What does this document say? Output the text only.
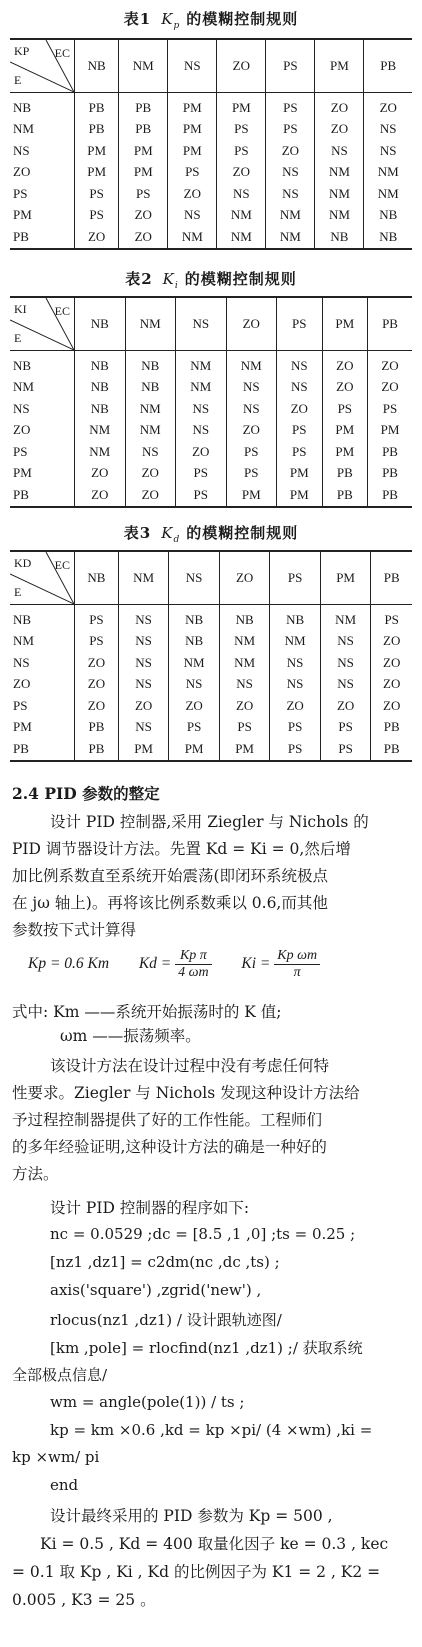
表1 $K_p$ 的模糊控制规则
KP EC
E	NB	NM	NS	ZO	PS	PM	PB
NB	PB	PB	PM	PM	PS	ZO	ZO
NM	PB	PB	PM	PS	PS	ZO	NS
NS	PM	PM	PM	PS	ZO	NS	NS
ZO	PM	PM	PS	ZO	NS	NM	NM
PS	PS	PS	ZO	NS	NS	NM	NM
PM	PS	ZO	NS	NM	NM	NM	NB
PB	ZO	ZO	NM	NM	NM	NB	NB
表2 $K_i$ 的模糊控制规则
KI EC
E	NB	NM	NS	ZO	PS	PM	PB
NB	NB	NB	NM	NM	NS	ZO	ZO
NM	NB	NB	NM	NS	NS	ZO	ZO
NS	NB	NM	NS	NS	ZO	PS	PS
ZO	NM	NM	NS	ZO	PS	PM	PM
PS	NM	NS	ZO	PS	PS	PM	PB
PM	ZO	ZO	PS	PS	PM	PB	PB
PB	ZO	ZO	PS	PM	PM	PB	PB
表3 $K_d$ 的模糊控制规则
KD EC
E	NB	NM	NS	ZO	PS	PM	PB
NB	PS	NS	NB	NB	NB	NM	PS
NM	PS	NS	NB	NM	NM	NS	ZO
NS	ZO	NS	NM	NM	NS	NS	ZO
ZO	ZO	NS	NS	NS	NS	NS	ZO
PS	ZO	ZO	ZO	ZO	ZO	ZO	ZO
PM	PB	NS	PS	PS	PS	PS	PB
PB	PB	PM	PM	PM	PS	PS	PB
2.4 PID 参数的整定
设计 PID 控制器,采用 Ziegler 与 Nichols 的
PID 调节器设计方法。先置 Kd = Ki = 0,然后增
加比例系数直至系统开始震荡(即闭环系统极点
在 jω 轴上)。再将该比例系数乘以 0.6,而其他
参数按下式计算得
Kp = 0.6 Km $Kd = \frac{\text{Kp π}}{4 \omega m}$ $Ki = \frac{\text{Kp ωm}}{\pi}$
式中: Km ——系统开始振荡时的 K 值;
ωm ——振荡频率。
该设计方法在设计过程中没有考虑任何特
性要求。Ziegler 与 Nichols 发现这种设计方法给
予过程控制器提供了好的工作性能。工程师们
的多年经验证明,这种设计方法的确是一种好的
方法。
设计 PID 控制器的程序如下:
nc = 0.0529 ;dc = [8.5 ,1 ,0] ;ts = 0.25 ;
[nz1 ,dz1] = c2dm(nc ,dc ,ts) ;
axis('square') ,zgrid('new') ,
rlocus(nz1 ,dz1) / 设计跟轨迹图/
[km ,pole] = rlocfind(nz1 ,dz1) ;/ 获取系统
全部极点信息/
wm = angle(pole(1)) / ts ;
kp = km ×0.6 ,kd = kp ×pi/ (4 ×wm) ,ki =
kp ×wm/ pi
end
设计最终采用的 PID 参数为 Kp = 500 ,
Ki = 0.5 , Kd = 400 取量化因子 ke = 0.3 , kec
= 0.1 取 Kp , Ki , Kd 的比例因子为 K1 = 2 , K2 =
0.005 , K3 = 25 。
